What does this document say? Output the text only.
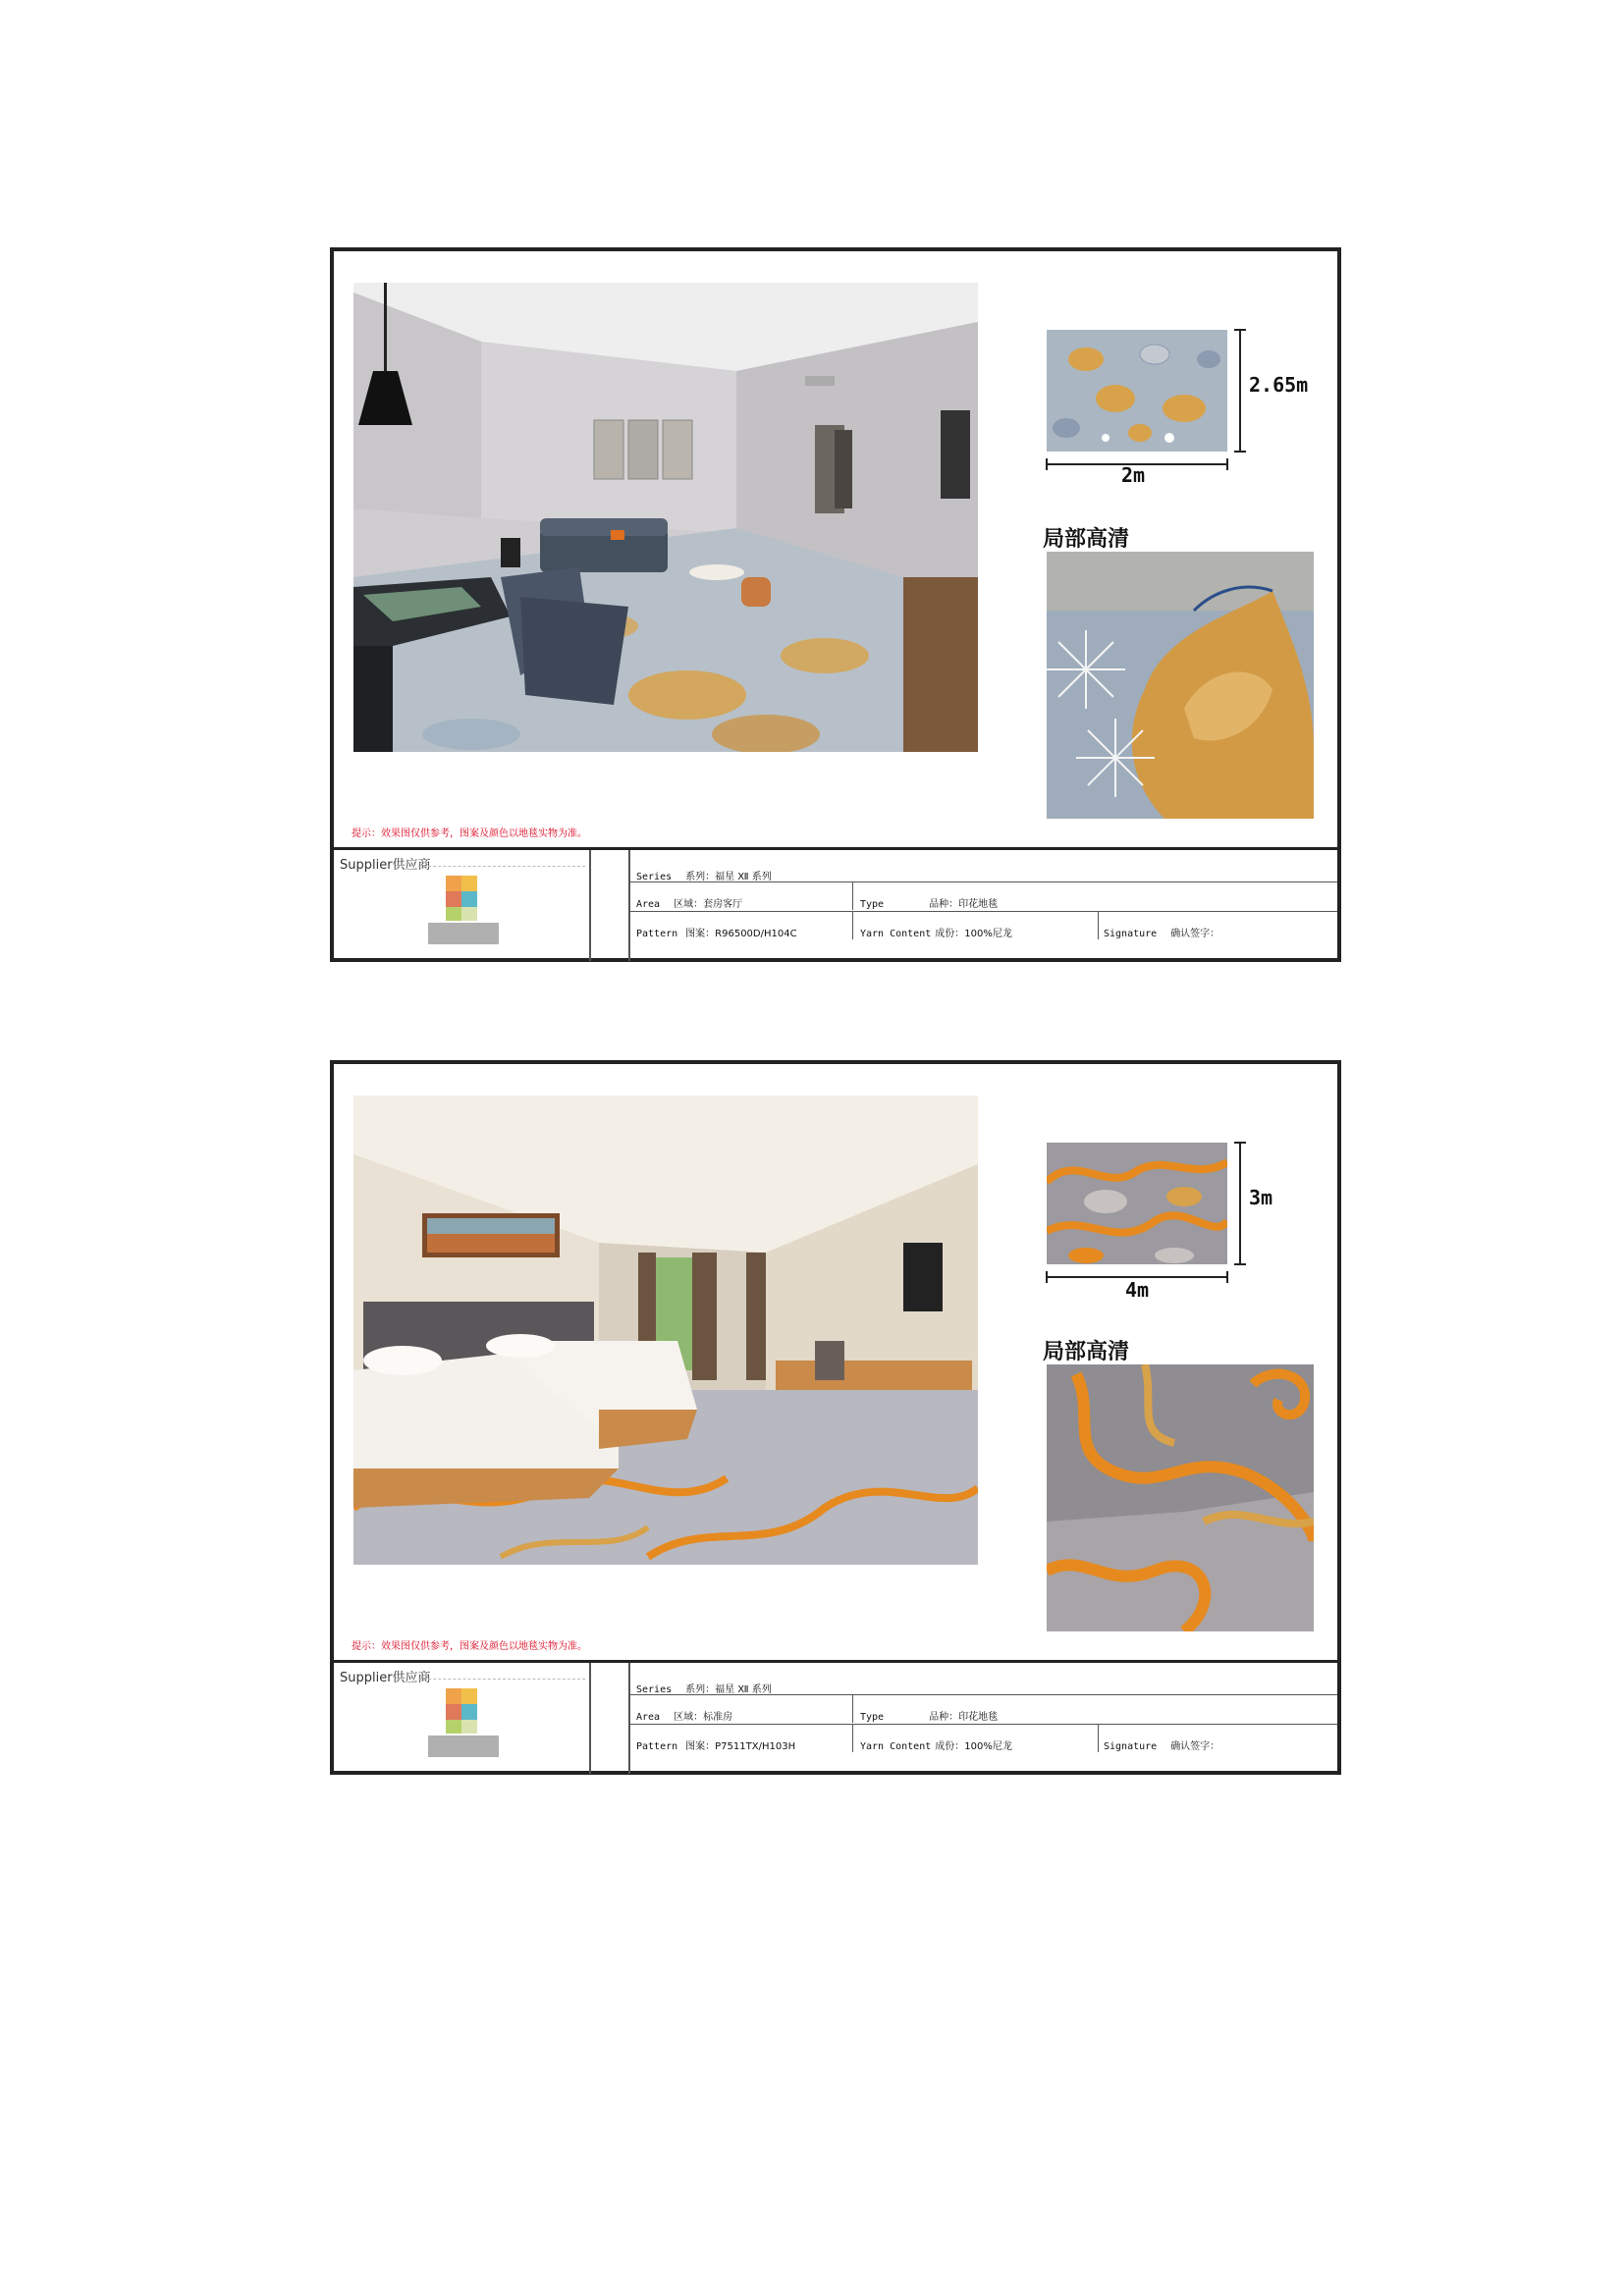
2.65m
2m
局部高清
提示：效果图仅供参考，图案及颜色以地毯实物为准。
Supplier供应商
Series 系列：福星 Ⅻ 系列
Area 区域：套房客厅	Type	品种：印花地毯
Pattern 图案：R96500D/H104C	Yarn Content 成份：100%尼龙	Signature 确认签字：
3m
4m
局部高清
提示：效果图仅供参考，图案及颜色以地毯实物为准。
Supplier供应商
Series 系列：福星 Ⅻ 系列
Area 区域：标准房	Type	品种：印花地毯
Pattern 图案：P7511TX/H103H	Yarn Content 成份：100%尼龙	Signature 确认签字：
